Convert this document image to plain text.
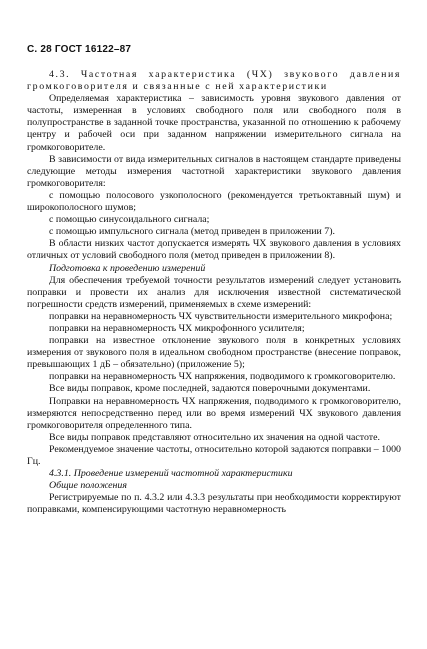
С. 28 ГОСТ 16122–87

4.3. Частотная характеристика (ЧХ) звукового давления громкоговорителя и связанные с ней характеристики

Определяемая характеристика – зависимость уровня звукового давления от частоты, измеренная в условиях свободного поля или свободного поля в полупространстве в заданной точке пространства, указанной по отношению к рабочему центру и рабочей оси при заданном напряжении измерительного сигнала на громкоговорителе.

В зависимости от вида измерительных сигналов в настоящем стандарте приведены следующие методы измерения частотной характеристики звукового давления громкоговорителя:

с помощью полосового узкополосного (рекомендуется третьоктавный шум) и широкополосного шумов;

с помощью синусоидального сигнала;

с помощью импульсного сигнала (метод приведен в приложении 7).

В области низких частот допускается измерять ЧХ звукового давления в условиях отличных от условий свободного поля (метод приведен в приложении 8).

Подготовка к проведению измерений

Для обеспечения требуемой точности результатов измерений следует установить поправки и провести их анализ для исключения известной систематической погрешности средств измерений, применяемых в схеме измерений:

поправки на неравномерность ЧХ чувствительности измерительного микрофона;

поправки на неравномерность ЧХ микрофонного усилителя;

поправки на известное отклонение звукового поля в конкретных условиях измерения от звукового поля в идеальном свободном пространстве (внесение поправок, превышающих 1 дБ – обязательно) (приложение 5);

поправки на неравномерность ЧХ напряжения, подводимого к громкоговорителю.

Все виды поправок, кроме последней, задаются поверочными документами.

Поправки на неравномерность ЧХ напряжения, подводимого к громкоговорителю, измеряются непосредственно перед или во время измерений ЧХ звукового давления громкоговорителя определенного типа.

Все виды поправок представляют относительно их значения на одной частоте.

Рекомендуемое значение частоты, относительно которой задаются поправки – 1000 Гц.

4.3.1. Проведение измерений частотной характеристики

Общие положения

Регистрируемые по п. 4.3.2 или 4.3.3 результаты при необходимости корректируют поправками, компенсирующими частотную неравномерность
